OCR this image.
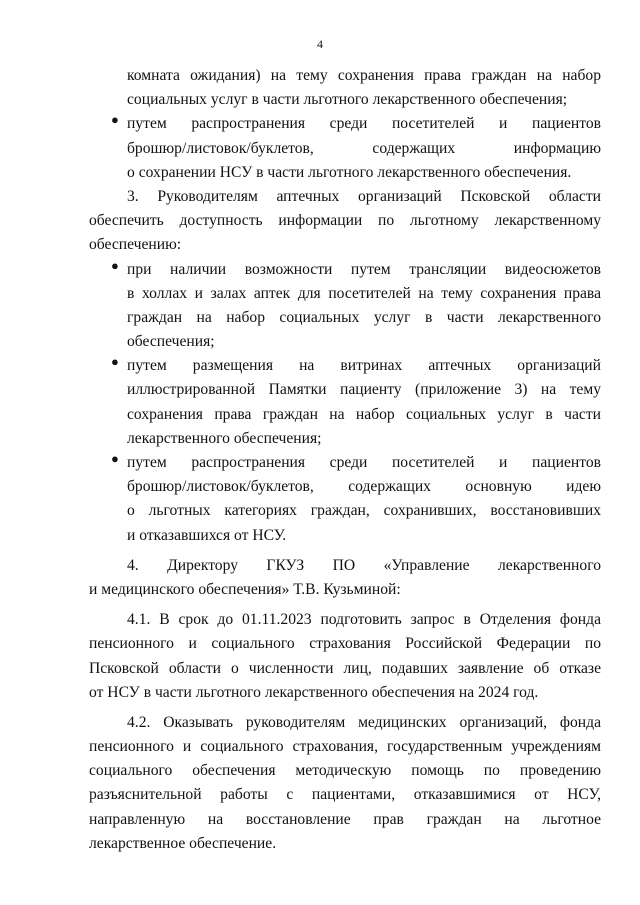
4
комната ожидания) на тему сохранения права граждан на набор
социальных услуг в части льготного лекарственного обеспечения;
● путем распространения среди посетителей и пациентов
брошюр/листовок/буклетов, содержащих информацию
о сохранении НСУ в части льготного лекарственного обеспечения.
3. Руководителям аптечных организаций Псковской области
обеспечить доступность информации по льготному лекарственному
обеспечению:
● при наличии возможности путем трансляции видеосюжетов
в холлах и залах аптек для посетителей на тему сохранения права
граждан на набор социальных услуг в части лекарственного
обеспечения;
● путем размещения на витринах аптечных организаций
иллюстрированной Памятки пациенту (приложение 3) на тему
сохранения права граждан на набор социальных услуг в части
лекарственного обеспечения;
● путем распространения среди посетителей и пациентов
брошюр/листовок/буклетов, содержащих основную идею
о льготных категориях граждан, сохранивших, восстановивших
и отказавшихся от НСУ.
4. Директору ГКУЗ ПО «Управление лекарственного
и медицинского обеспечения» Т.В. Кузьминой:
4.1. В срок до 01.11.2023 подготовить запрос в Отделения фонда
пенсионного и социального страхования Российской Федерации по
Псковской области о численности лиц, подавших заявление об отказе
от НСУ в части льготного лекарственного обеспечения на 2024 год.
4.2. Оказывать руководителям медицинских организаций, фонда
пенсионного и социального страхования, государственным учреждениям
социального обеспечения методическую помощь по проведению
разъяснительной работы с пациентами, отказавшимися от НСУ,
направленную на восстановление прав граждан на льготное
лекарственное обеспечение.
